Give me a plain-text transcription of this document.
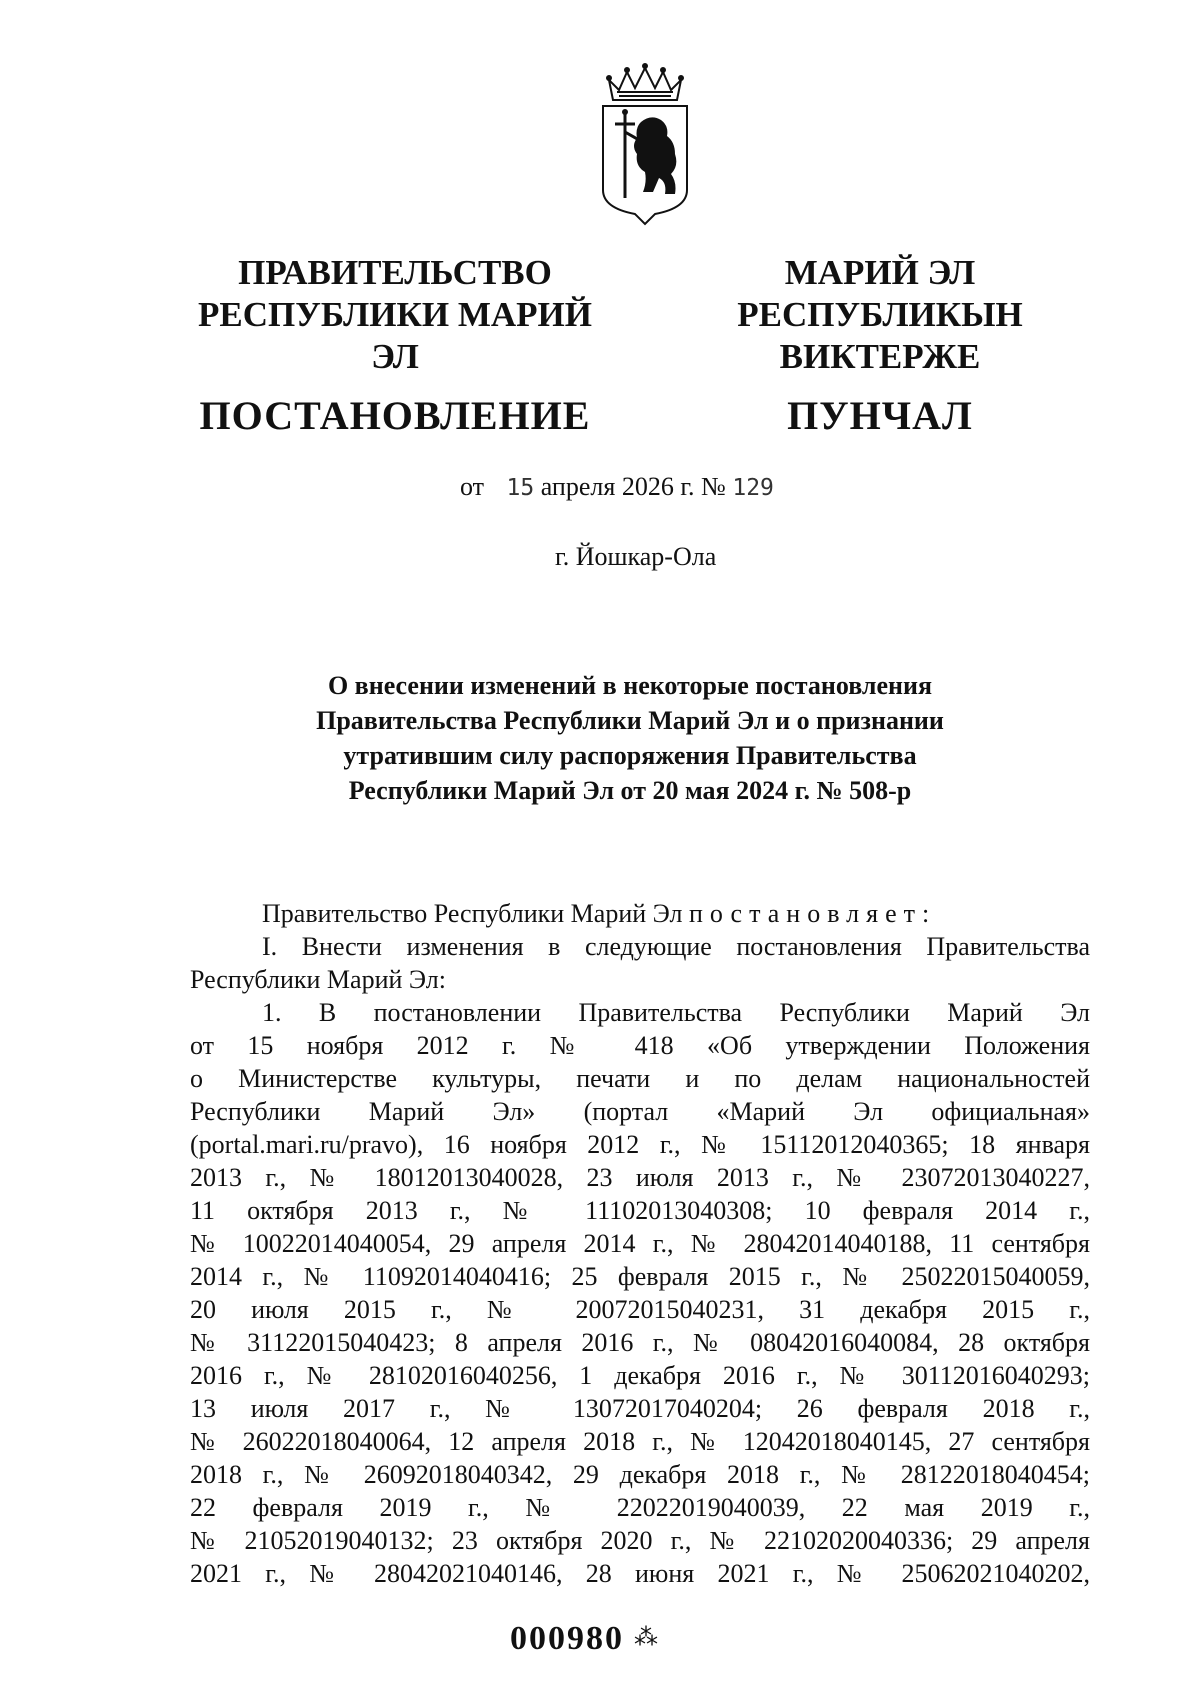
ПРАВИТЕЛЬСТВО
РЕСПУБЛИКИ МАРИЙ ЭЛ
ПОСТАНОВЛЕНИЕ
МАРИЙ ЭЛ РЕСПУБЛИКЫН
ВИКТЕРЖЕ
ПУНЧАЛ
от 15 апреля 2026 г. № 129
г. Йошкар-Ола
О внесении изменений в некоторые постановления
Правительства Республики Марий Эл и о признании
утратившим силу распоряжения Правительства
Республики Марий Эл от 20 мая 2024 г. № 508-р
Правительство Республики Марий Эл постановляет:
I. Внести изменения в следующие постановления Правительства
Республики Марий Эл:
1. В постановлении Правительства Республики Марий Эл
от 15 ноября 2012 г. № 418 «Об утверждении Положения
о Министерстве культуры, печати и по делам национальностей
Республики Марий Эл» (портал «Марий Эл официальная»
(portal.mari.ru/pravo), 16 ноября 2012 г., № 15112012040365; 18 января
2013 г., № 18012013040028, 23 июля 2013 г., № 23072013040227,
11 октября 2013 г., № 11102013040308; 10 февраля 2014 г.,
№ 10022014040054, 29 апреля 2014 г., № 28042014040188, 11 сентября
2014 г., № 11092014040416; 25 февраля 2015 г., № 25022015040059,
20 июля 2015 г., № 20072015040231, 31 декабря 2015 г.,
№ 31122015040423; 8 апреля 2016 г., № 08042016040084, 28 октября
2016 г., № 28102016040256, 1 декабря 2016 г., № 30112016040293;
13 июля 2017 г., № 13072017040204; 26 февраля 2018 г.,
№ 26022018040064, 12 апреля 2018 г., № 12042018040145, 27 сентября
2018 г., № 26092018040342, 29 декабря 2018 г., № 28122018040454;
22 февраля 2019 г., № 22022019040039, 22 мая 2019 г.,
№ 21052019040132; 23 октября 2020 г., № 22102020040336; 29 апреля
2021 г., № 28042021040146, 28 июня 2021 г., № 25062021040202,
000980 ⁂
